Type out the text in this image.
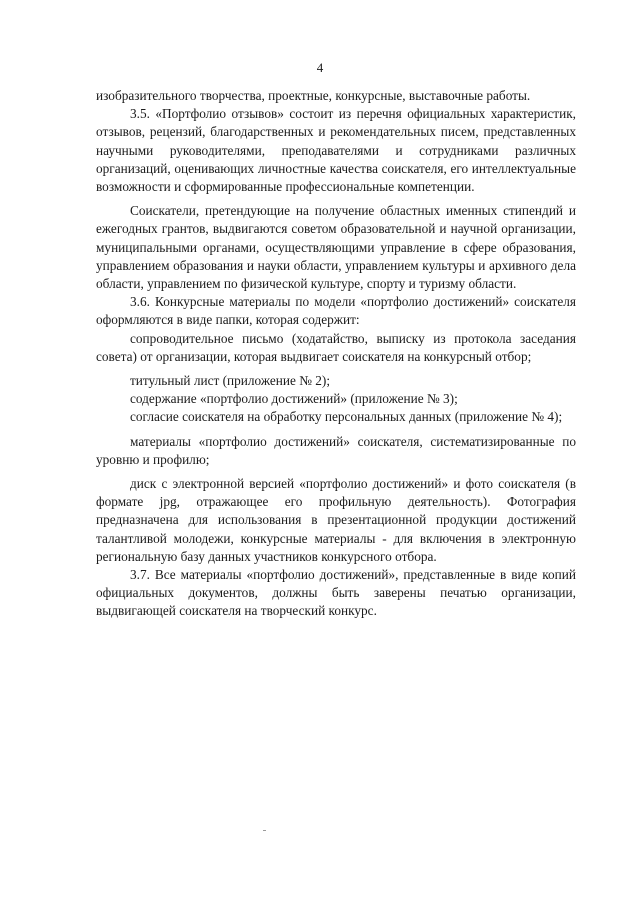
4

изобразительного творчества, проектные, конкурсные, выставочные работы.

3.5. «Портфолио отзывов» состоит из перечня официальных характеристик, отзывов, рецензий, благодарственных и рекомендательных писем, представленных научными руководителями, преподавателями и сотрудниками различных организаций, оценивающих личностные качества соискателя, его интеллектуальные возможности и сформированные профессиональные компетенции.

Соискатели, претендующие на получение областных именных стипендий и ежегодных грантов, выдвигаются советом образовательной и научной организации, муниципальными органами, осуществляющими управление в сфере образования, управлением образования и науки области, управлением культуры и архивного дела области, управлением по физической культуре, спорту и туризму области.

3.6. Конкурсные материалы по модели «портфолио достижений» соискателя оформляются в виде папки, которая содержит:

сопроводительное письмо (ходатайство, выписку из протокола заседания совета) от организации, которая выдвигает соискателя на конкурсный отбор;

титульный лист (приложение № 2);

содержание «портфолио достижений» (приложение № 3);

согласие соискателя на обработку персональных данных (приложение № 4);

материалы «портфолио достижений» соискателя, систематизированные по уровню и профилю;

диск с электронной версией «портфолио достижений» и фото соискателя (в формате jpg, отражающее его профильную деятельность). Фотография предназначена для использования в презентационной продукции достижений талантливой молодежи, конкурсные материалы - для включения в электронную региональную базу данных участников конкурсного отбора.

3.7. Все материалы «портфолио достижений», представленные в виде копий официальных документов, должны быть заверены печатью организации, выдвигающей соискателя на творческий конкурс.
